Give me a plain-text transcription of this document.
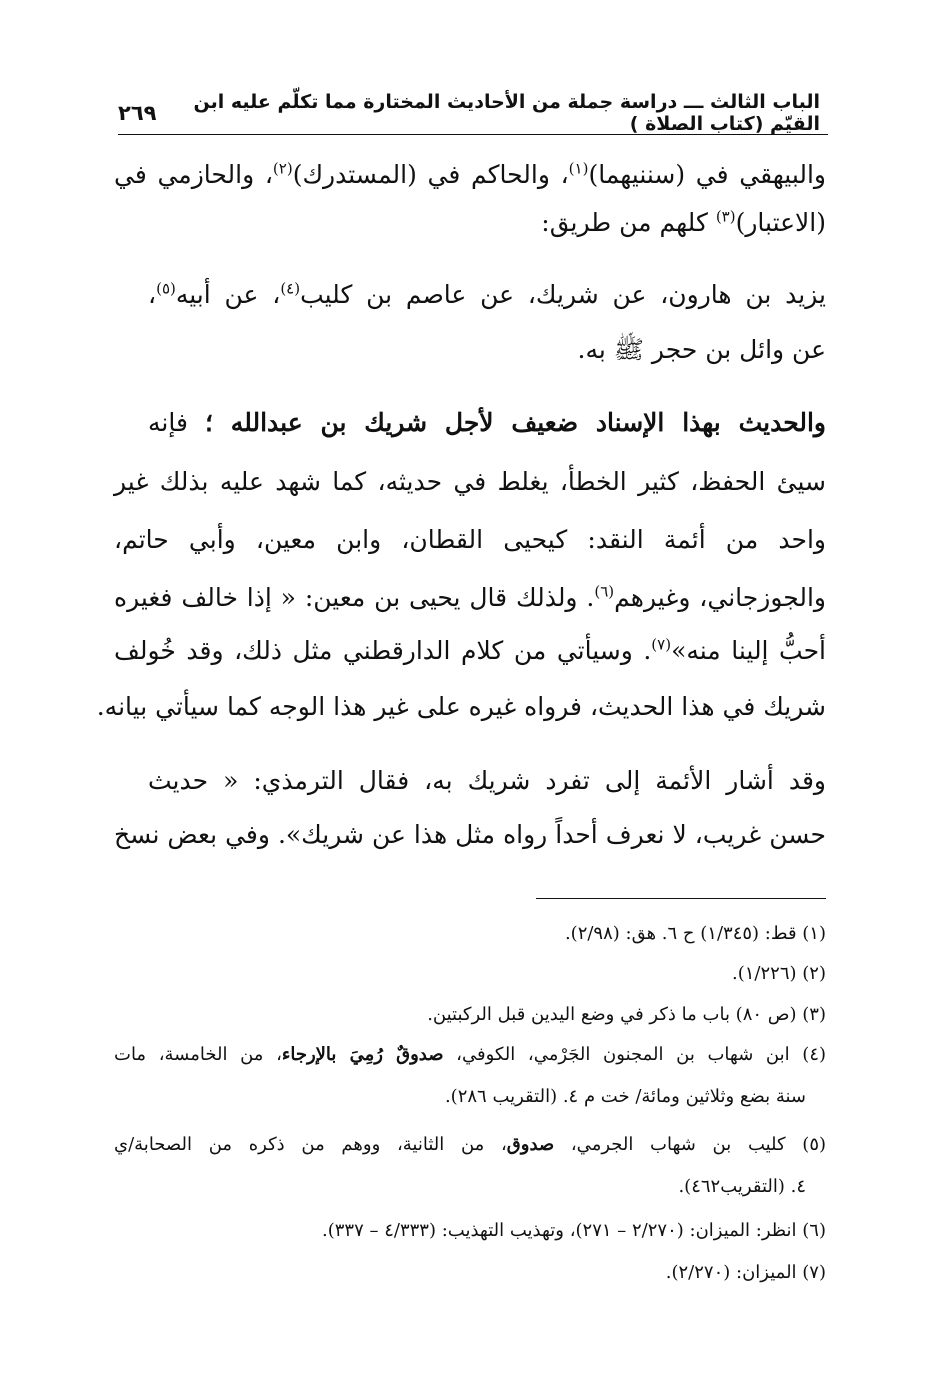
الباب الثالث ـــ دراسة جملة من الأحاديث المختارة مما تكلّم عليه ابن القيّم (كتاب الصلاة )
٢٦٩
والبيهقي في (سننيهما)$^{(١)}$، والحاكم في (المستدرك)$^{(٢)}$، والحازمي في
(الاعتبار)$^{(٣)}$ كلهم من طريق:
يزيد بن هارون، عن شريك، عن عاصم بن كليب$^{(٤)}$، عن أبيه$^{(٥)}$،
عن وائل بن حجر ﷺ به.
والحديث بهذا الإسناد ضعيف لأجل شريك بن عبدالله ؛ فإنه
سيئ الحفظ، كثير الخطأ، يغلط في حديثه، كما شهد عليه بذلك غير
واحد من أئمة النقد: كيحيى القطان، وابن معين، وأبي حاتم،
والجوزجاني، وغيرهم$^{(٦)}$. ولذلك قال يحيى بن معين: « إذا خالف فغيره
أحبُّ إلينا منه»$^{(٧)}$. وسيأتي من كلام الدارقطني مثل ذلك، وقد خُولف
شريك في هذا الحديث، فرواه غيره على غير هذا الوجه كما سيأتي بيانه.
وقد أشار الأئمة إلى تفرد شريك به، فقال الترمذي: « حديث
حسن غريب، لا نعرف أحداً رواه مثل هذا عن شريك». وفي بعض نسخ
(١) قط: (١/٣٤٥) ح ٦. هق: (٢/٩٨).
(٢) (١/٢٢٦).
(٣) (ص ٨٠) باب ما ذكر في وضع اليدين قبل الركبتين.
(٤) ابن شهاب بن المجنون الجَرْمي، الكوفي، صدوقٌ رُمِيَ بالإرجاء، من الخامسة، مات
سنة بضع وثلاثين ومائة/ خت م ٤. (التقريب ٢٨٦).
(٥) كليب بن شهاب الجرمي، صدوق، من الثانية، ووهم من ذكره من الصحابة/ي
٤. (التقريب٤٦٢).
(٦) انظر: الميزان: (٢/٢٧٠ – ٢٧١)، وتهذيب التهذيب: (٤/٣٣٣ – ٣٣٧).
(٧) الميزان: (٢/٢٧٠).
